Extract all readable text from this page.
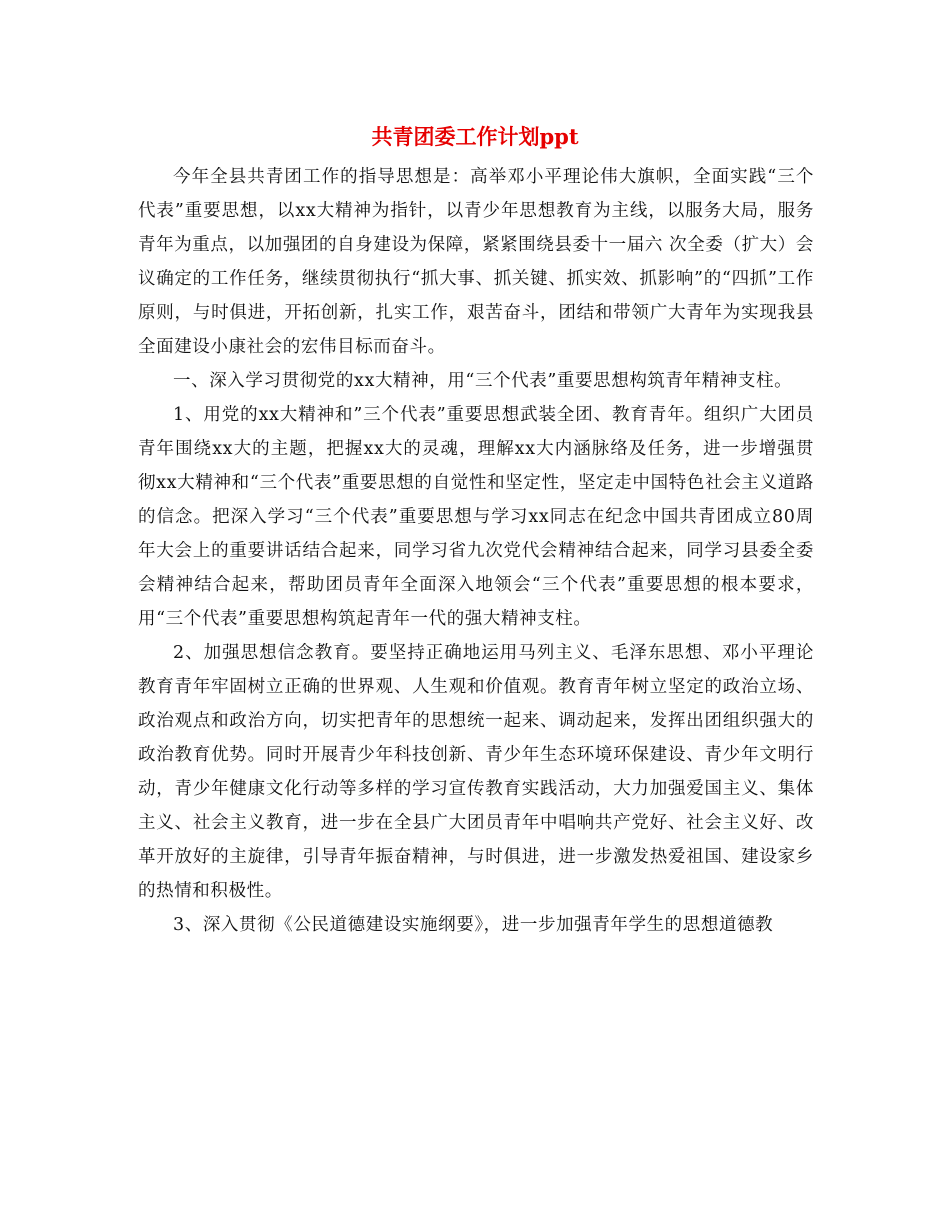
共青团委工作计划ppt

今年全县共青团工作的指导思想是：高举邓小平理论伟大旗帜，全面实践“三个代表”重要思想，以xx大精神为指针，以青少年思想教育为主线，以服务大局，服务青年为重点，以加强团的自身建设为保障，紧紧围绕县委十一届六 次全委（扩大）会议确定的工作任务，继续贯彻执行“抓大事、抓关键、抓实效、抓影响”的“四抓”工作原则，与时俱进，开拓创新，扎实工作，艰苦奋斗，团结和带领广大青年为实现我县全面建设小康社会的宏伟目标而奋斗。

一、深入学习贯彻党的xx大精神，用“三个代表”重要思想构筑青年精神支柱。

1、用党的xx大精神和”三个代表”重要思想武装全团、教育青年。组织广大团员青年围绕xx大的主题，把握xx大的灵魂，理解xx大内涵脉络及任务，进一步增强贯彻xx大精神和“三个代表”重要思想的自觉性和坚定性，坚定走中国特色社会主义道路的信念。把深入学习“三个代表”重要思想与学习xx同志在纪念中国共青团成立80周年大会上的重要讲话结合起来，同学习省九次党代会精神结合起来，同学习县委全委会精神结合起来，帮助团员青年全面深入地领会“三个代表”重要思想的根本要求，用“三个代表”重要思想构筑起青年一代的强大精神支柱。

2、加强思想信念教育。要坚持正确地运用马列主义、毛泽东思想、邓小平理论教育青年牢固树立正确的世界观、人生观和价值观。教育青年树立坚定的政治立场、政治观点和政治方向，切实把青年的思想统一起来、调动起来，发挥出团组织强大的政治教育优势。同时开展青少年科技创新、青少年生态环境环保建设、青少年文明行动，青少年健康文化行动等多样的学习宣传教育实践活动，大力加强爱国主义、集体主义、社会主义教育，进一步在全县广大团员青年中唱响共产党好、社会主义好、改革开放好的主旋律，引导青年振奋精神，与时俱进，进一步激发热爱祖国、建设家乡的热情和积极性。

3、深入贯彻《公民道德建设实施纲要》，进一步加强青年学生的思想道德教
